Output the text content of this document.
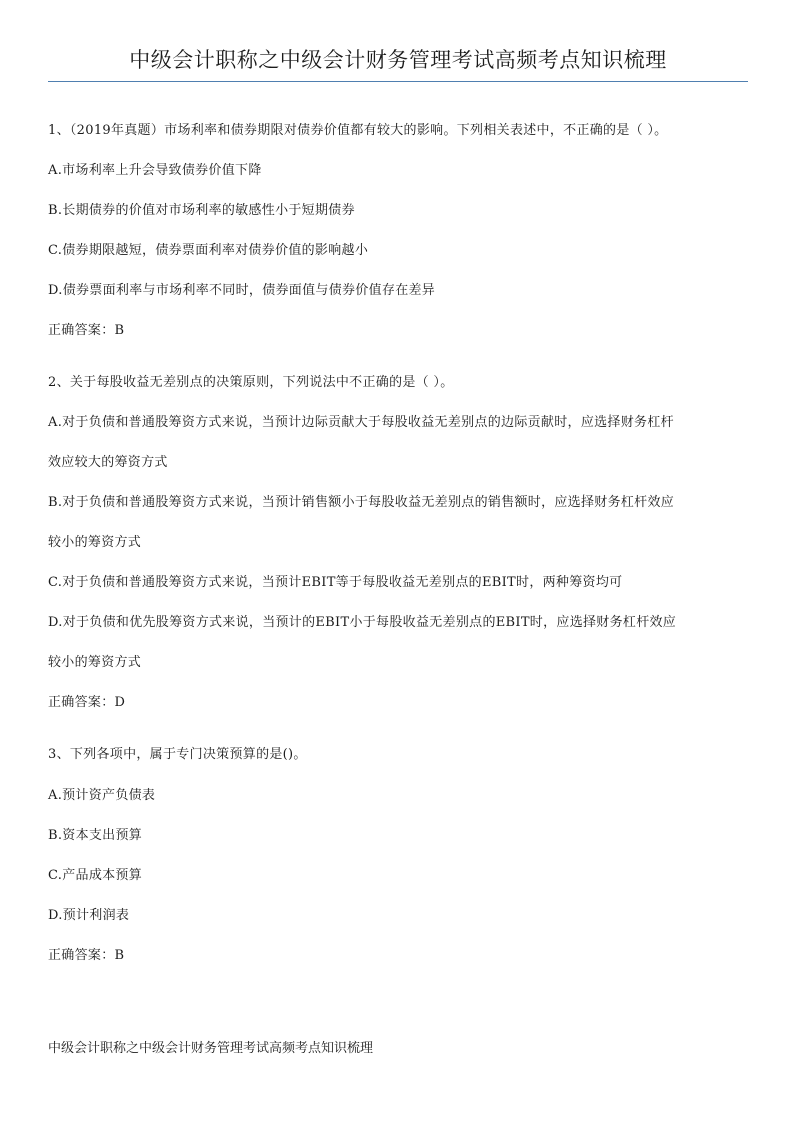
中级会计职称之中级会计财务管理考试高频考点知识梳理
1、（2019年真题）市场利率和债券期限对债券价值都有较大的影响。下列相关表述中，不正确的是（ ）。
A.市场利率上升会导致债券价值下降
B.长期债券的价值对市场利率的敏感性小于短期债券
C.债券期限越短，债券票面利率对债券价值的影响越小
D.债券票面利率与市场利率不同时，债券面值与债券价值存在差异
正确答案：B
2、关于每股收益无差别点的决策原则，下列说法中不正确的是（ ）。
A.对于负债和普通股筹资方式来说，当预计边际贡献大于每股收益无差别点的边际贡献时，应选择财务杠杆
效应较大的筹资方式
B.对于负债和普通股筹资方式来说，当预计销售额小于每股收益无差别点的销售额时，应选择财务杠杆效应
较小的筹资方式
C.对于负债和普通股筹资方式来说，当预计EBIT等于每股收益无差别点的EBIT时，两种筹资均可
D.对于负债和优先股筹资方式来说，当预计的EBIT小于每股收益无差别点的EBIT时，应选择财务杠杆效应
较小的筹资方式
正确答案：D
3、下列各项中，属于专门决策预算的是()。
A.预计资产负债表
B.资本支出预算
C.产品成本预算
D.预计利润表
正确答案：B
中级会计职称之中级会计财务管理考试高频考点知识梳理
